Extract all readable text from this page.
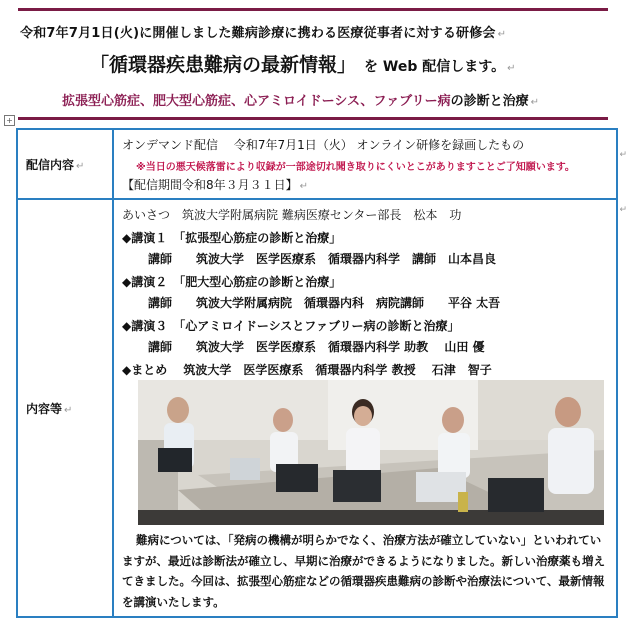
令和7年7月1日(火)に開催しました難病診療に携わる医療従事者に対する研修会 ↵
「循環器疾患難病の最新情報」 を Web 配信します。 ↵
拡張型心筋症、肥大型心筋症、心アミロイドーシス、ファブリー病の診断と治療 ↵
+
配信内容 ↵
オンデマンド配信　 令和7年7月1日（火） オンライン研修を録画したもの
※当日の悪天候落雷により収録が一部途切れ聞き取りにくいとこがありますことご了知願います。
【配信期間令和8年３月３１日】 ↵
内容等 ↵
あいさつ　筑波大学附属病院 難病医療センター部長　松本　功
◆講演１　「拡張型心筋症の診断と治療」
講師　　筑波大学　医学医療系　循環器内科学　講師　山本昌良
◆講演２　「肥大型心筋症の診断と治療」
講師　　筑波大学附属病院　循環器内科　病院講師　　平谷 太吾
◆講演３　「心アミロイドーシスとファブリー病の診断と治療」
講師　　筑波大学　医学医療系　循環器内科学 助教　 山田 優
◆まとめ　 筑波大学　医学医療系　循環器内科学 教授　 石津　智子
難病については、「発病の機構が明らかでなく、治療方法が確立していない」といわれていますが、最近は診断法が確立し、早期に治療ができるようになりました。新しい治療薬も増えてきました。今回は、拡張型心筋症などの循環器疾患難病の診断や治療法について、最新情報を講演いたします。
↵
↵
